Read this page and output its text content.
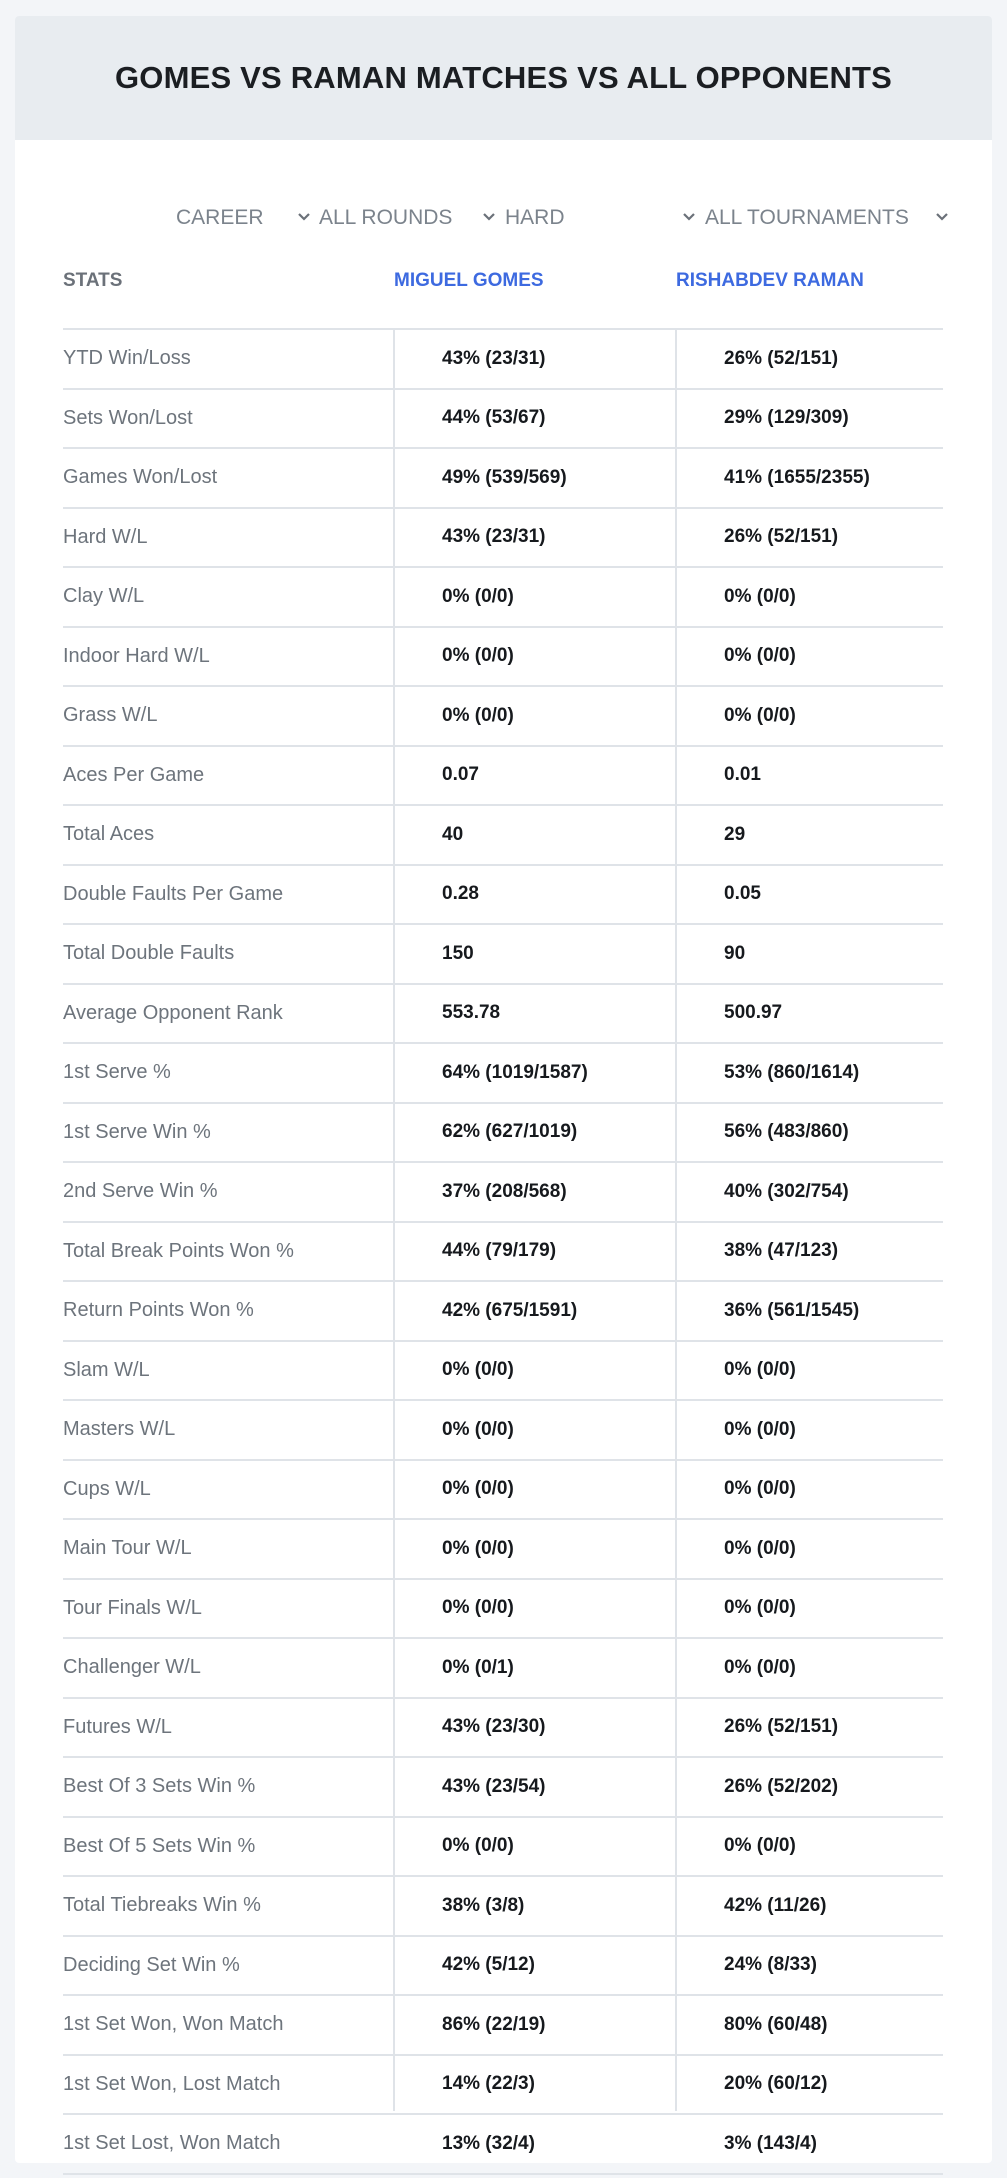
GOMES VS RAMAN MATCHES VS ALL OPPONENTS
CAREER	ALL ROUNDS	HARD	ALL TOURNAMENTS
STATS	MIGUEL GOMES	RISHABDEV RAMAN
YTD Win/Loss	43% (23/31)	26% (52/151)
Sets Won/Lost	44% (53/67)	29% (129/309)
Games Won/Lost	49% (539/569)	41% (1655/2355)
Hard W/L	43% (23/31)	26% (52/151)
Clay W/L	0% (0/0)	0% (0/0)
Indoor Hard W/L	0% (0/0)	0% (0/0)
Grass W/L	0% (0/0)	0% (0/0)
Aces Per Game	0.07	0.01
Total Aces	40	29
Double Faults Per Game	0.28	0.05
Total Double Faults	150	90
Average Opponent Rank	553.78	500.97
1st Serve %	64% (1019/1587)	53% (860/1614)
1st Serve Win %	62% (627/1019)	56% (483/860)
2nd Serve Win %	37% (208/568)	40% (302/754)
Total Break Points Won %	44% (79/179)	38% (47/123)
Return Points Won %	42% (675/1591)	36% (561/1545)
Slam W/L	0% (0/0)	0% (0/0)
Masters W/L	0% (0/0)	0% (0/0)
Cups W/L	0% (0/0)	0% (0/0)
Main Tour W/L	0% (0/0)	0% (0/0)
Tour Finals W/L	0% (0/0)	0% (0/0)
Challenger W/L	0% (0/1)	0% (0/0)
Futures W/L	43% (23/30)	26% (52/151)
Best Of 3 Sets Win %	43% (23/54)	26% (52/202)
Best Of 5 Sets Win %	0% (0/0)	0% (0/0)
Total Tiebreaks Win %	38% (3/8)	42% (11/26)
Deciding Set Win %	42% (5/12)	24% (8/33)
1st Set Won, Won Match	86% (22/19)	80% (60/48)
1st Set Won, Lost Match	14% (22/3)	20% (60/12)
1st Set Lost, Won Match	13% (32/4)	3% (143/4)
